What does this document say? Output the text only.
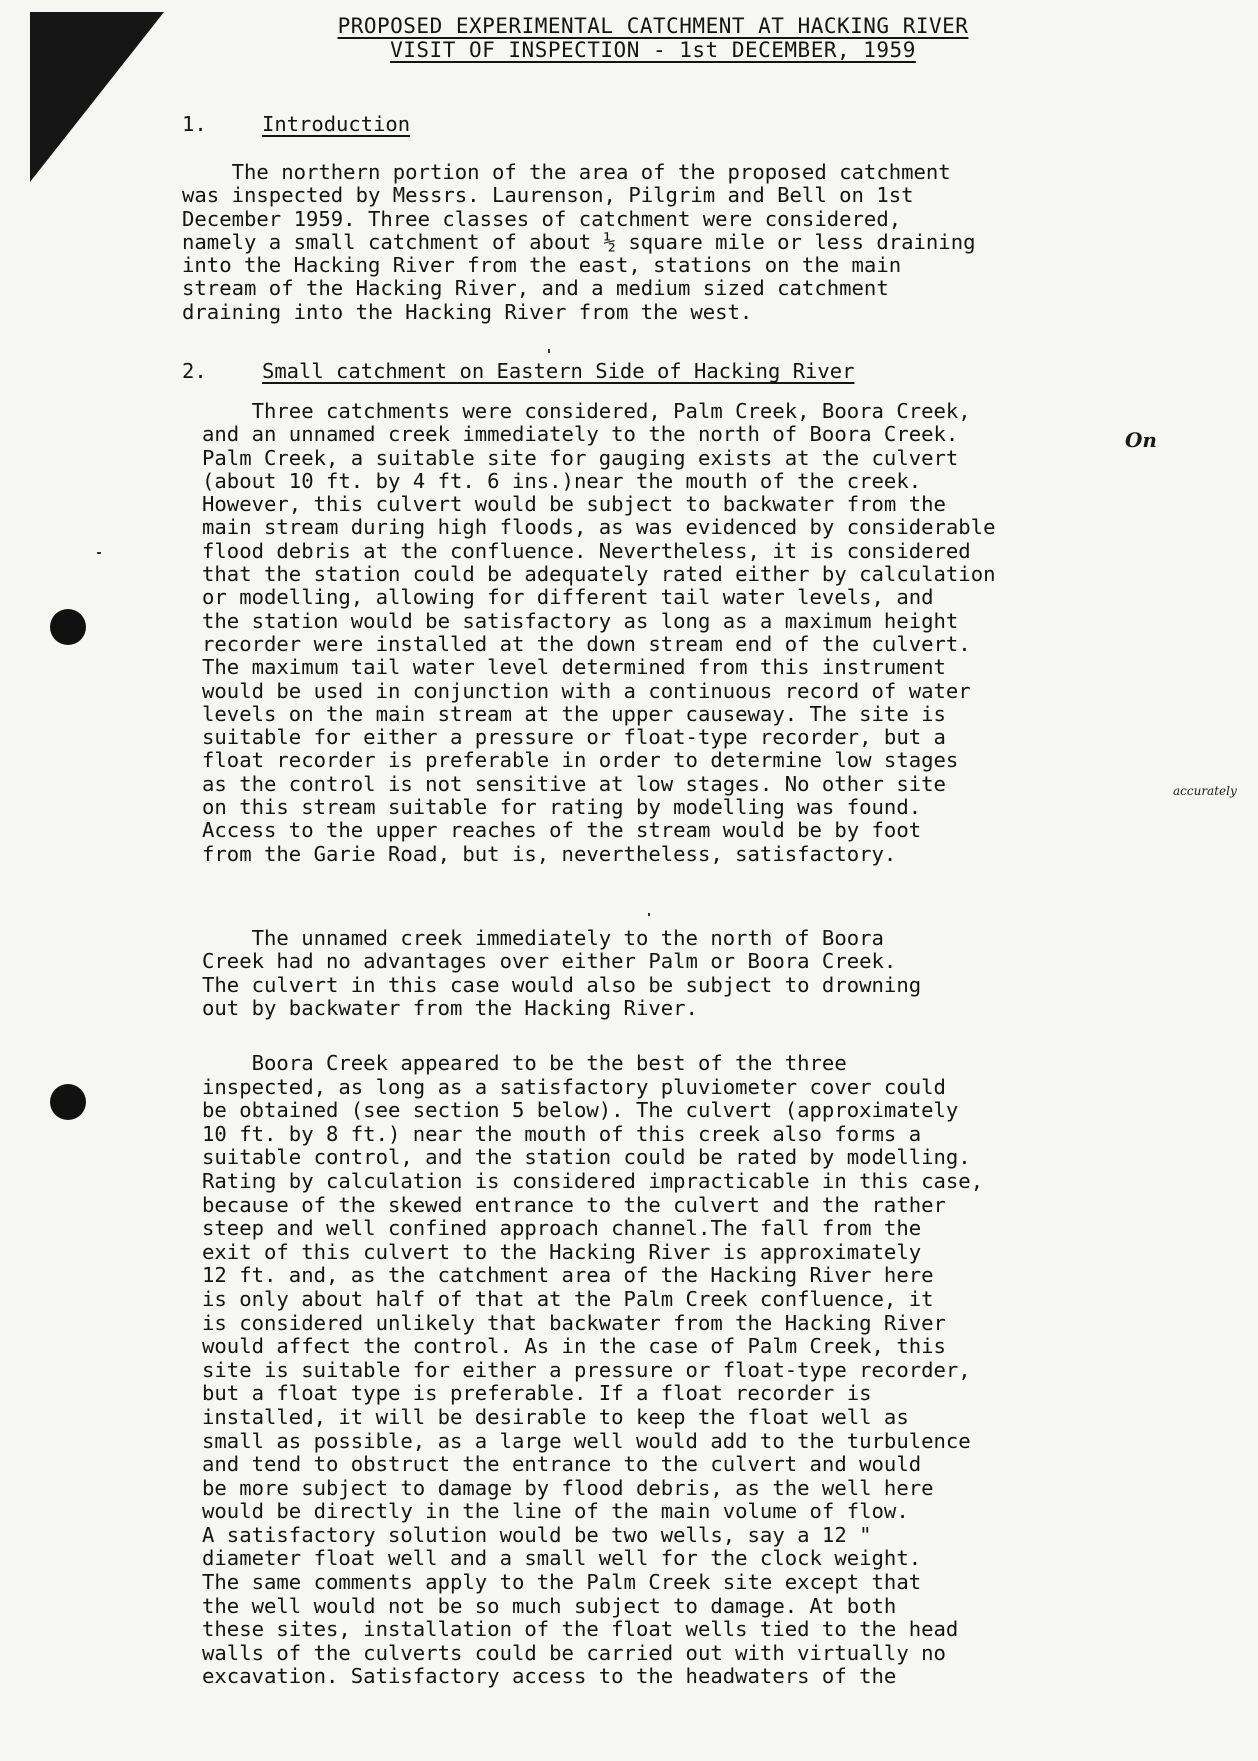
PROPOSED EXPERIMENTAL CATCHMENT AT HACKING RIVER
VISIT OF INSPECTION - 1st DECEMBER, 1959
1.	Introduction

The northern portion of the area of the proposed catchment
was inspected by Messrs. Laurenson, Pilgrim and Bell on 1st
December 1959. Three classes of catchment were considered,
namely a small catchment of about ½ square mile or less draining
into the Hacking River from the east, stations on the main
stream of the Hacking River, and a medium sized catchment
draining into the Hacking River from the west.

2.	Small catchment on Eastern Side of Hacking River

Three catchments were considered, Palm Creek, Boora Creek,
and an unnamed creek immediately to the north of Boora Creek.
Palm Creek, a suitable site for gauging exists at the culvert
(about 10 ft. by 4 ft. 6 ins.)near the mouth of the creek.
However, this culvert would be subject to backwater from the
main stream during high floods, as was evidenced by considerable
flood debris at the confluence. Nevertheless, it is considered
that the station could be adequately rated either by calculation
or modelling, allowing for different tail water levels, and
the station would be satisfactory as long as a maximum height
recorder were installed at the down stream end of the culvert.
The maximum tail water level determined from this instrument
would be used in conjunction with a continuous record of water
levels on the main stream at the upper causeway. The site is
suitable for either a pressure or float-type recorder, but a
float recorder is preferable in order to determine low stages
as the control is not sensitive at low stages. No other site
on this stream suitable for rating by modelling was found.
Access to the upper reaches of the stream would be by foot
from the Garie Road, but is, nevertheless, satisfactory.

The unnamed creek immediately to the north of Boora
Creek had no advantages over either Palm or Boora Creek.
The culvert in this case would also be subject to drowning
out by backwater from the Hacking River.

Boora Creek appeared to be the best of the three
inspected, as long as a satisfactory pluviometer cover could
be obtained (see section 5 below). The culvert (approximately
10 ft. by 8 ft.) near the mouth of this creek also forms a
suitable control, and the station could be rated by modelling.
Rating by calculation is considered impracticable in this case,
because of the skewed entrance to the culvert and the rather
steep and well confined approach channel.The fall from the
exit of this culvert to the Hacking River is approximately
12 ft. and, as the catchment area of the Hacking River here
is only about half of that at the Palm Creek confluence, it
is considered unlikely that backwater from the Hacking River
would affect the control. As in the case of Palm Creek, this
site is suitable for either a pressure or float-type recorder,
but a float type is preferable. If a float recorder is
installed, it will be desirable to keep the float well as
small as possible, as a large well would add to the turbulence
and tend to obstruct the entrance to the culvert and would
be more subject to damage by flood debris, as the well here
would be directly in the line of the main volume of flow.
A satisfactory solution would be two wells, say a 12 "
diameter float well and a small well for the clock weight.
The same comments apply to the Palm Creek site except that
the well would not be so much subject to damage. At both
these sites, installation of the float wells tied to the head
walls of the culverts could be carried out with virtually no
excavation. Satisfactory access to the headwaters of the

On
accurately
